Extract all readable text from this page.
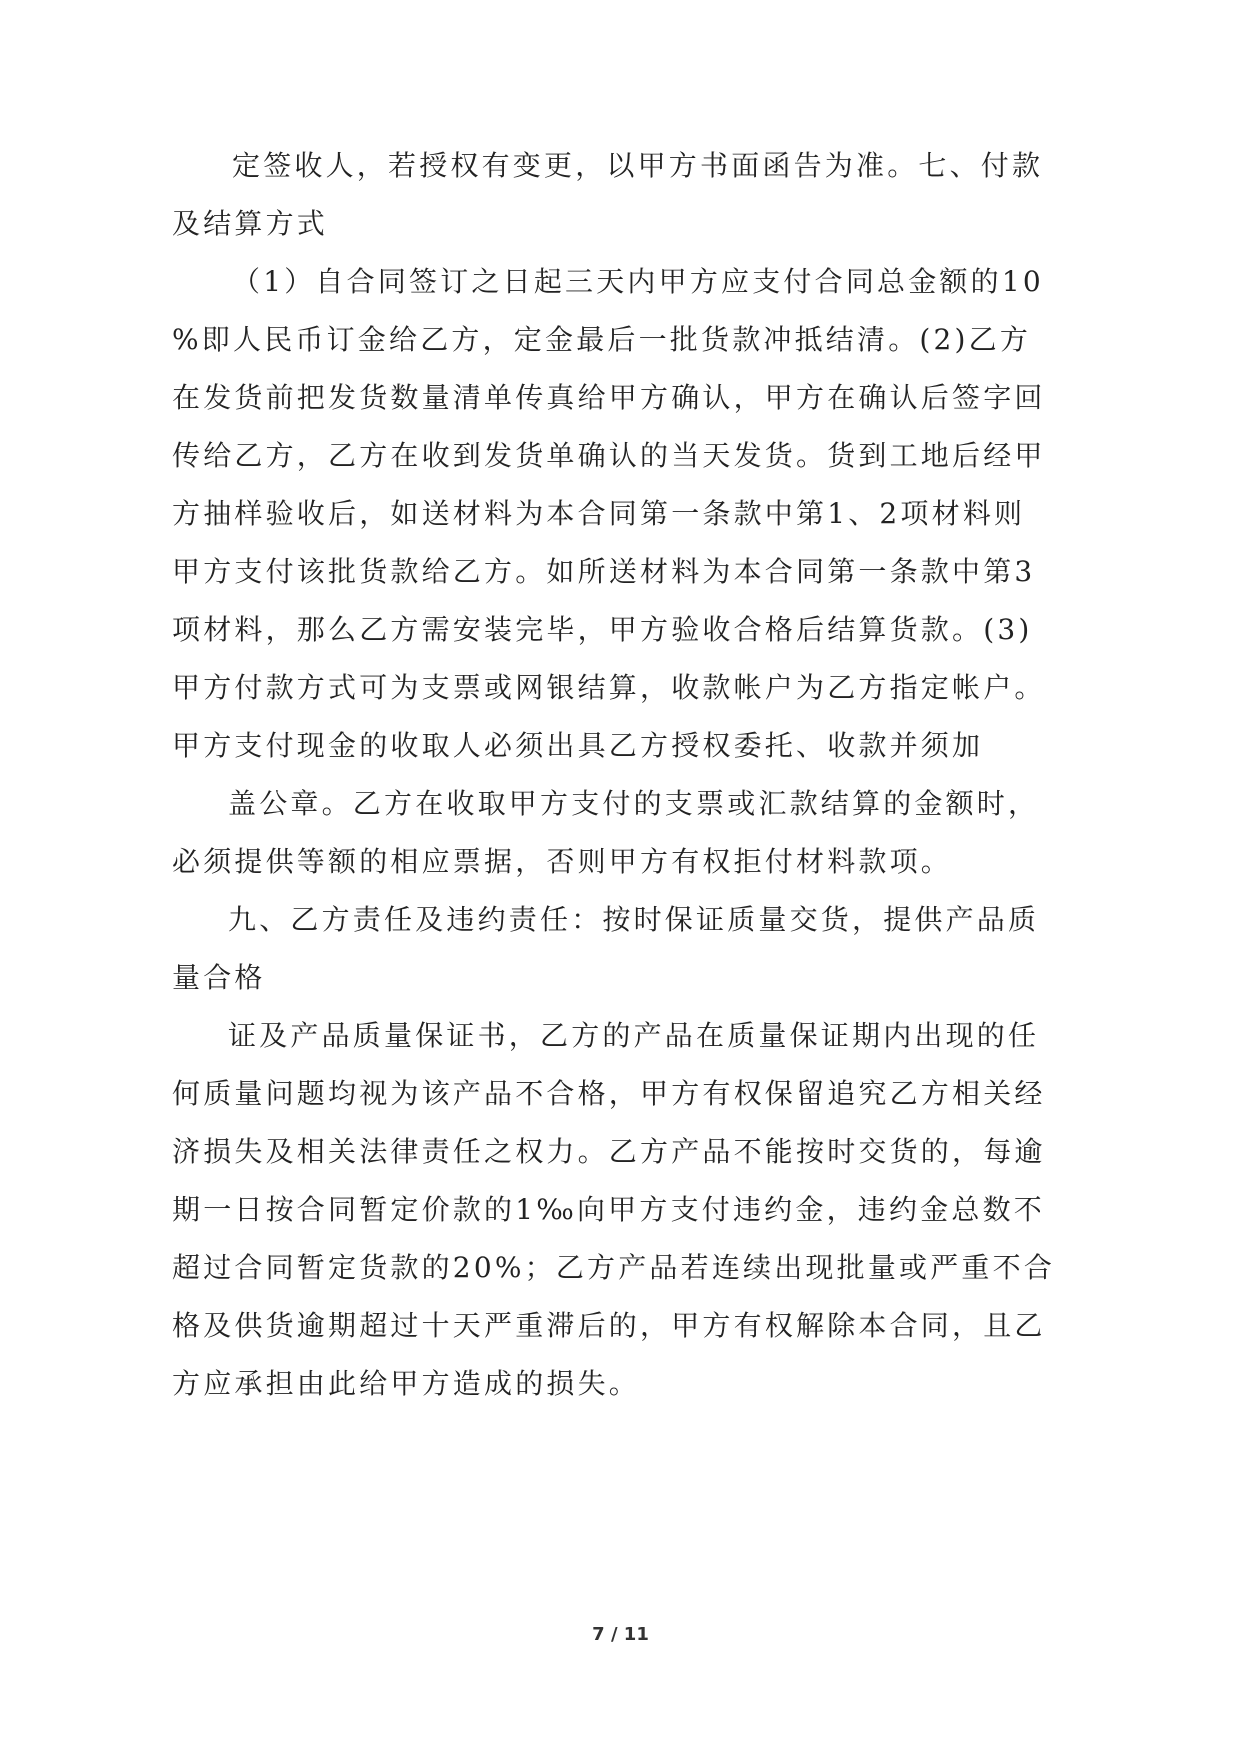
定签收人，若授权有变更，以甲方书面函告为准。七、付款

及结算方式

（1）自合同签订之日起三天内甲方应支付合同总金额的10

%即人民币订金给乙方，定金最后一批货款冲抵结清。(2)乙方

在发货前把发货数量清单传真给甲方确认，甲方在确认后签字回

传给乙方，乙方在收到发货单确认的当天发货。货到工地后经甲

方抽样验收后，如送材料为本合同第一条款中第1、2项材料则

甲方支付该批货款给乙方。如所送材料为本合同第一条款中第3

项材料，那么乙方需安装完毕，甲方验收合格后结算货款。(3)

甲方付款方式可为支票或网银结算，收款帐户为乙方指定帐户。

甲方支付现金的收取人必须出具乙方授权委托、收款并须加

盖公章。乙方在收取甲方支付的支票或汇款结算的金额时，

必须提供等额的相应票据，否则甲方有权拒付材料款项。

九、乙方责任及违约责任：按时保证质量交货，提供产品质

量合格

证及产品质量保证书，乙方的产品在质量保证期内出现的任

何质量问题均视为该产品不合格，甲方有权保留追究乙方相关经

济损失及相关法律责任之权力。乙方产品不能按时交货的，每逾

期一日按合同暂定价款的1‰向甲方支付违约金，违约金总数不

超过合同暂定货款的20%；乙方产品若连续出现批量或严重不合

格及供货逾期超过十天严重滞后的，甲方有权解除本合同，且乙

方应承担由此给甲方造成的损失。

7 / 11
